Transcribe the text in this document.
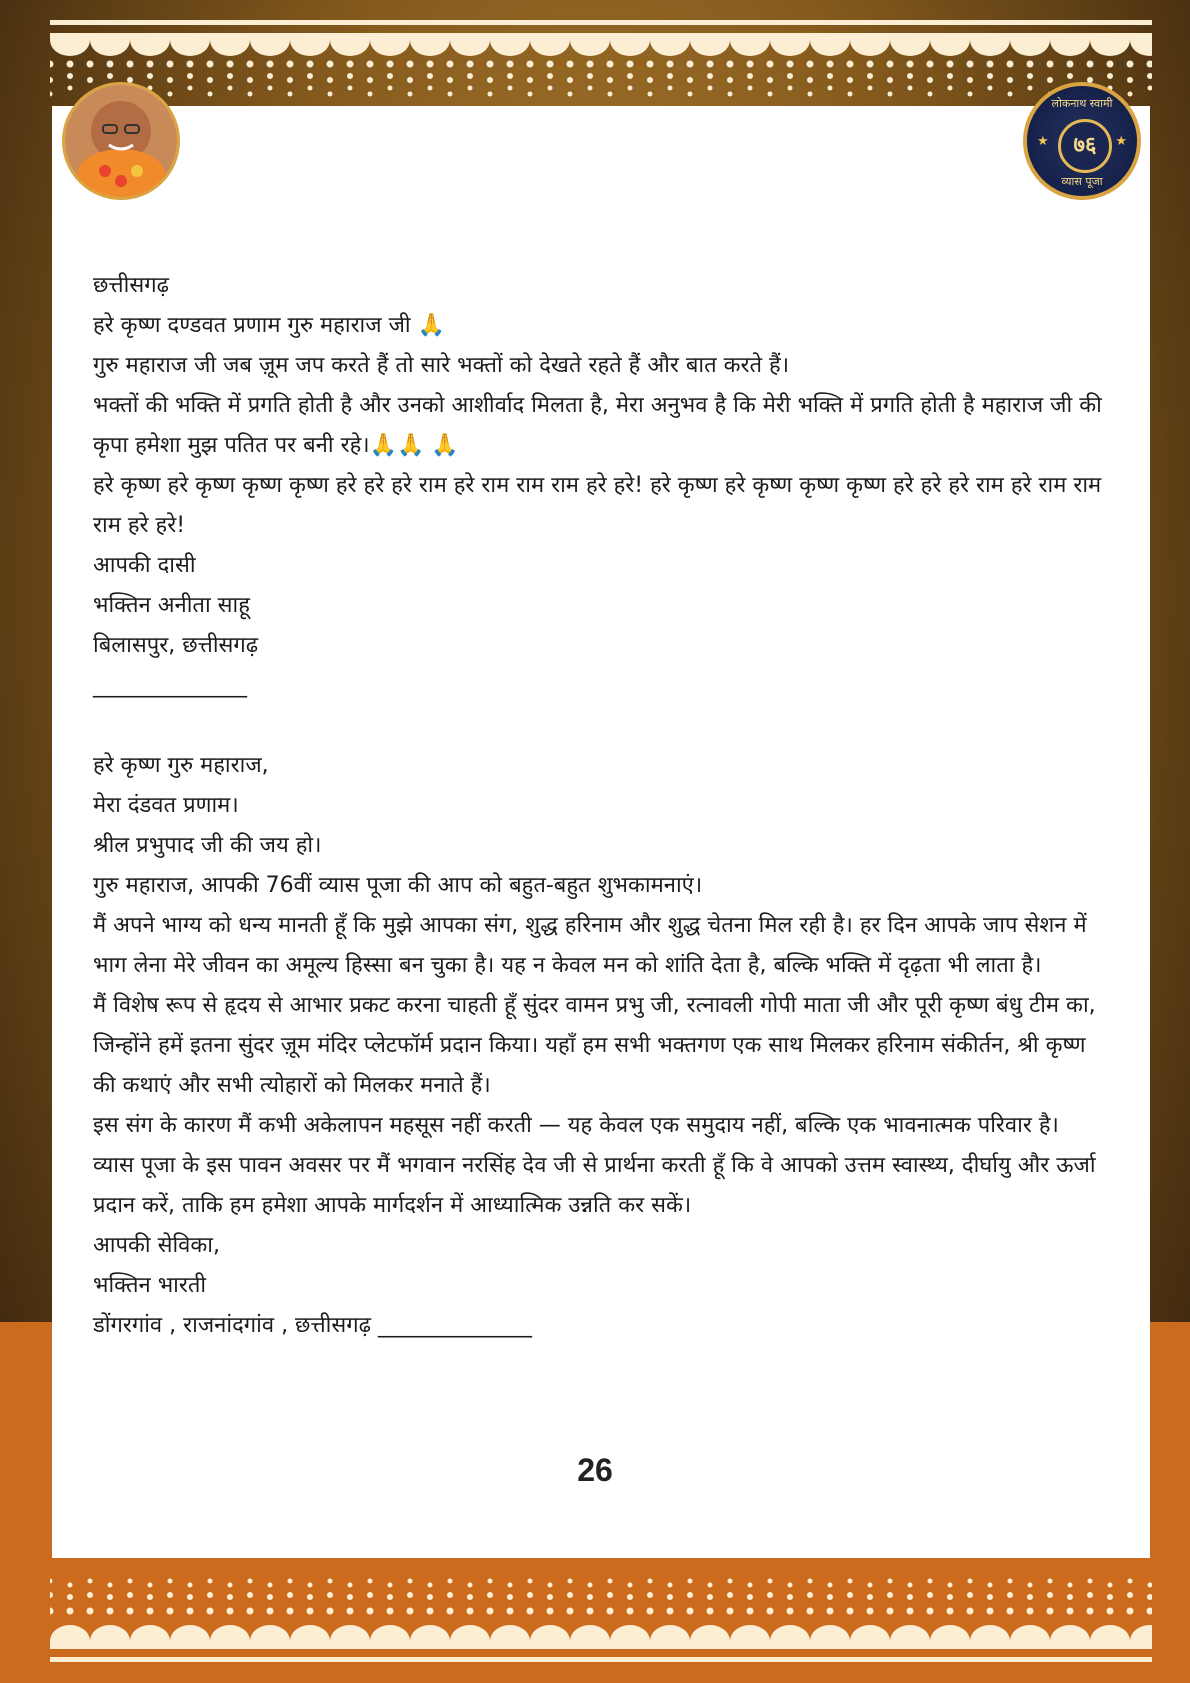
लोकनाथ स्वामी
★	७६	★
व्यास पूजा

छत्तीसगढ़

हरे कृष्ण दण्डवत प्रणाम गुरु महाराज जी 🙏

गुरु महाराज जी जब ज़ूम जप करते हैं तो सारे भक्तों को देखते रहते हैं और बात करते हैं।

भक्तों की भक्ति में प्रगति होती है और उनको आशीर्वाद मिलता है, मेरा अनुभव है कि मेरी भक्ति में प्रगति होती है महाराज जी की कृपा हमेशा मुझ पतित पर बनी रहे।🙏🙏 🙏

हरे कृष्ण हरे कृष्ण कृष्ण कृष्ण हरे हरे हरे राम हरे राम राम राम हरे हरे! हरे कृष्ण हरे कृष्ण कृष्ण कृष्ण हरे हरे हरे राम हरे राम राम राम हरे हरे!

आपकी दासी

भक्तिन अनीता साहू

बिलासपुर, छत्तीसगढ़

______________

हरे कृष्ण गुरु महाराज,

मेरा दंडवत प्रणाम।

श्रील प्रभुपाद जी की जय हो।

गुरु महाराज, आपकी 76वीं व्यास पूजा की आप को बहुत-बहुत शुभकामनाएं।

मैं अपने भाग्य को धन्य मानती हूँ कि मुझे आपका संग, शुद्ध हरिनाम और शुद्ध चेतना मिल रही है। हर दिन आपके जाप सेशन में भाग लेना मेरे जीवन का अमूल्य हिस्सा बन चुका है। यह न केवल मन को शांति देता है, बल्कि भक्ति में दृढ़ता भी लाता है।

मैं विशेष रूप से हृदय से आभार प्रकट करना चाहती हूँ सुंदर वामन प्रभु जी, रत्नावली गोपी माता जी और पूरी कृष्ण बंधु टीम का, जिन्होंने हमें इतना सुंदर ज़ूम मंदिर प्लेटफॉर्म प्रदान किया। यहाँ हम सभी भक्तगण एक साथ मिलकर हरिनाम संकीर्तन, श्री कृष्ण की कथाएं और सभी त्योहारों को मिलकर मनाते हैं।

इस संग के कारण मैं कभी अकेलापन महसूस नहीं करती — यह केवल एक समुदाय नहीं, बल्कि एक भावनात्मक परिवार है।

व्यास पूजा के इस पावन अवसर पर मैं भगवान नरसिंह देव जी से प्रार्थना करती हूँ कि वे आपको उत्तम स्वास्थ्य, दीर्घायु और ऊर्जा प्रदान करें, ताकि हम हमेशा आपके मार्गदर्शन में आध्यात्मिक उन्नति कर सकें।

आपकी सेविका,

भक्तिन भारती

डोंगरगांव , राजनांदगांव , छत्तीसगढ़ ______________

26
